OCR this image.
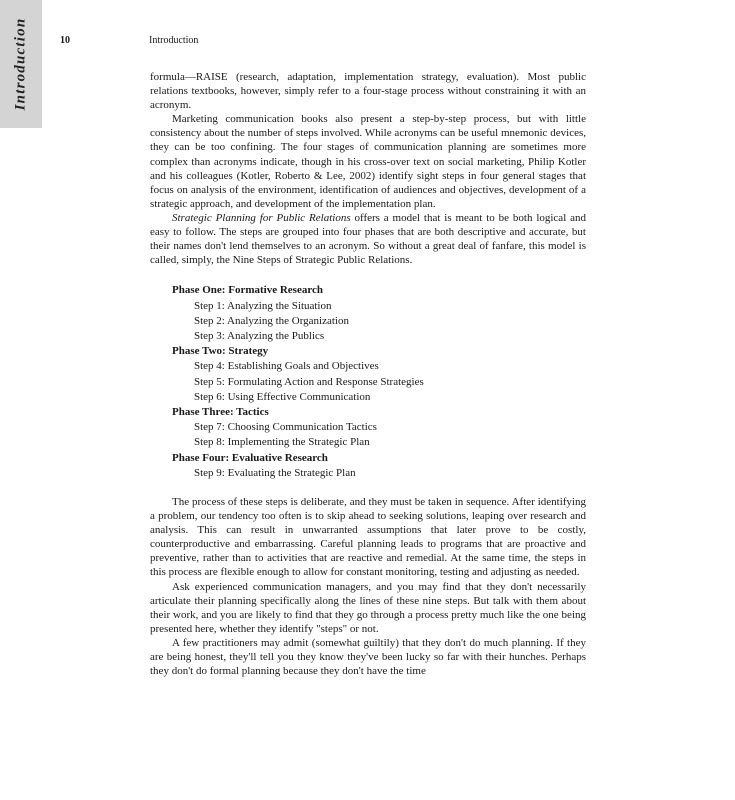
Introduction	10	Introduction

formula—RAISE (research, adaptation, implementation strategy, evaluation). Most public relations textbooks, however, simply refer to a four-stage process without constraining it with an acronym.

Marketing communication books also present a step-by-step process, but with little consistency about the number of steps involved. While acronyms can be useful mnemonic devices, they can be too confining. The four stages of communication planning are sometimes more complex than acronyms indicate, though in his cross-over text on social marketing, Philip Kotler and his colleagues (Kotler, Roberto & Lee, 2002) identify sight steps in four general stages that focus on analysis of the environment, identification of audiences and objectives, development of a strategic approach, and development of the implementation plan.

Strategic Planning for Public Relations offers a model that is meant to be both logical and easy to follow. The steps are grouped into four phases that are both descriptive and accurate, but their names don't lend themselves to an acronym. So without a great deal of fanfare, this model is called, simply, the Nine Steps of Strategic Public Relations.

Phase One: Formative Research
Step 1: Analyzing the Situation
Step 2: Analyzing the Organization
Step 3: Analyzing the Publics
Phase Two: Strategy
Step 4: Establishing Goals and Objectives
Step 5: Formulating Action and Response Strategies
Step 6: Using Effective Communication
Phase Three: Tactics
Step 7: Choosing Communication Tactics
Step 8: Implementing the Strategic Plan
Phase Four: Evaluative Research
Step 9: Evaluating the Strategic Plan

The process of these steps is deliberate, and they must be taken in sequence. After identifying a problem, our tendency too often is to skip ahead to seeking solutions, leaping over research and analysis. This can result in unwarranted assumptions that later prove to be costly, counterproductive and embarrassing. Careful planning leads to programs that are proactive and preventive, rather than to activities that are reactive and remedial. At the same time, the steps in this process are flexible enough to allow for constant monitoring, testing and adjusting as needed.

Ask experienced communication managers, and you may find that they don't necessarily articulate their planning specifically along the lines of these nine steps. But talk with them about their work, and you are likely to find that they go through a process pretty much like the one being presented here, whether they identify "steps" or not.

A few practitioners may admit (somewhat guiltily) that they don't do much planning. If they are being honest, they'll tell you they know they've been lucky so far with their hunches. Perhaps they don't do formal planning because they don't have the time
